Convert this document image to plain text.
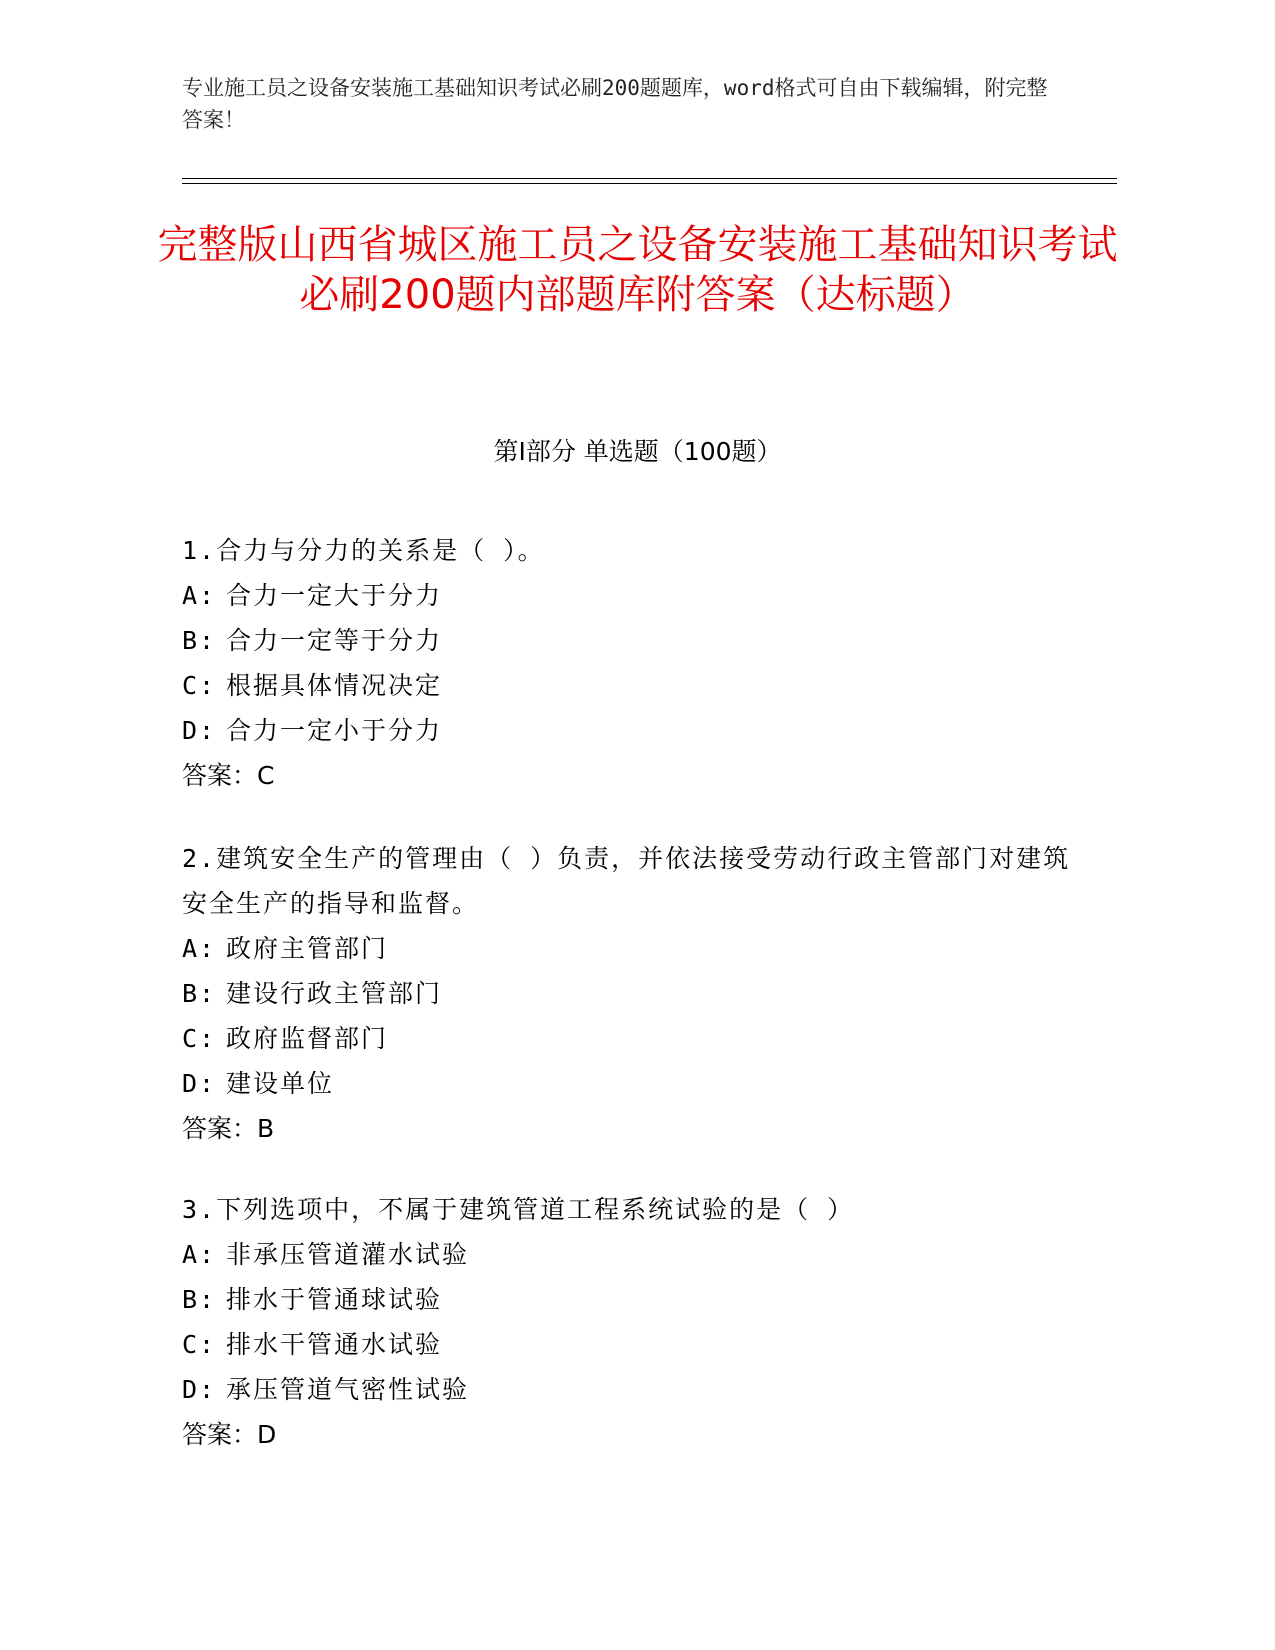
专业施工员之设备安装施工基础知识考试必刷200题题库，word格式可自由下载编辑，附完整答案！
完整版山西省城区施工员之设备安装施工基础知识考试必刷200题内部题库附答案（达标题）
第Ⅰ部分 单选题（100题）
1.合力与分力的关系是（ ）。
A: 合力一定大于分力
B: 合力一定等于分力
C: 根据具体情况决定
D: 合力一定小于分力
答案：C
2.建筑安全生产的管理由（ ）负责，并依法接受劳动行政主管部门对建筑安全生产的指导和监督。
A: 政府主管部门
B: 建设行政主管部门
C: 政府监督部门
D: 建设单位
答案：B
3.下列选项中，不属于建筑管道工程系统试验的是（ ）
A: 非承压管道灌水试验
B: 排水于管通球试验
C: 排水干管通水试验
D: 承压管道气密性试验
答案：D
